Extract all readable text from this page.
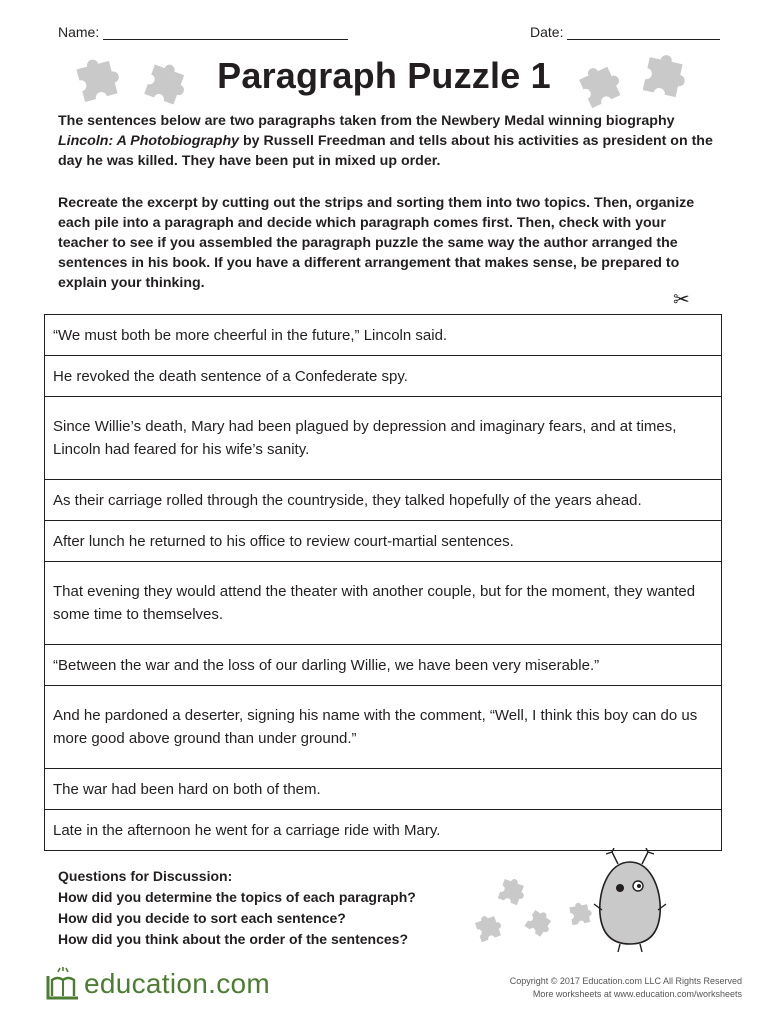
Name:	Date:
Paragraph Puzzle 1
The sentences below are two paragraphs taken from the Newbery Medal winning biography Lincoln: A Photobiography by Russell Freedman and tells about his activities as president on the day he was killed. They have been put in mixed up order.
Recreate the excerpt by cutting out the strips and sorting them into two topics. Then, organize each pile into a paragraph and decide which paragraph comes first. Then, check with your teacher to see if you assembled the paragraph puzzle the same way the author arranged the sentences in his book. If you have a different arrangement that makes sense, be prepared to explain your thinking.
✂
“We must both be more cheerful in the future,” Lincoln said.
He revoked the death sentence of a Confederate spy.
Since Willie’s death, Mary had been plagued by depression and imaginary fears, and at times, Lincoln had feared for his wife’s sanity.
As their carriage rolled through the countryside, they talked hopefully of the years ahead.
After lunch he returned to his office to review court-martial sentences.
That evening they would attend the theater with another couple, but for the moment, they wanted some time to themselves.
“Between the war and the loss of our darling Willie, we have been very miserable.”
And he pardoned a deserter, signing his name with the comment, “Well, I think this boy can do us more good above ground than under ground.”
The war had been hard on both of them.
Late in the afternoon he went for a carriage ride with Mary.
Questions for Discussion:
How did you determine the topics of each paragraph?
How did you decide to sort each sentence?
How did you think about the order of the sentences?
education.com	Copyright © 2017 Education.com LLC All Rights Reserved
More worksheets at www.education.com/worksheets
